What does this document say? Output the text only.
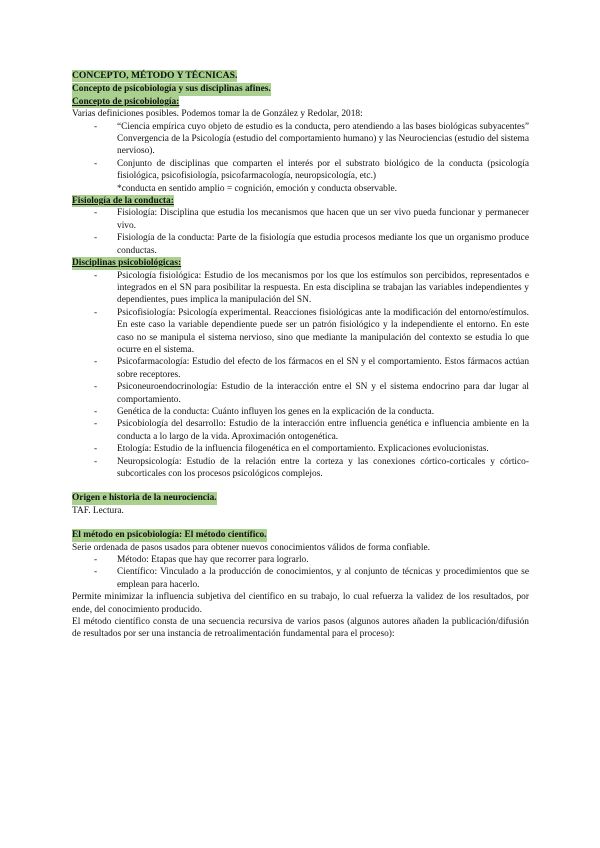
CONCEPTO, MÉTODO Y TÉCNICAS.
Concepto de psicobiología y sus disciplinas afines.
Concepto de psicobiología:

Varias definiciones posibles. Podemos tomar la de González y Redolar, 2018:

- “Ciencia empírica cuyo objeto de estudio es la conducta, pero atendiendo a las bases biológicas subyacentes” Convergencia de la Psicología (estudio del comportamiento humano) y las Neurociencias (estudio del sistema nervioso).
- Conjunto de disciplinas que comparten el interés por el substrato biológico de la conducta (psicología fisiológica, psicofisiología, psicofarmacología, neuropsicología, etc.)

*conducta en sentido amplio = cognición, emoción y conducta observable.

Fisiología de la conducta:
- Fisiología: Disciplina que estudia los mecanismos que hacen que un ser vivo pueda funcionar y permanecer vivo.
- Fisiología de la conducta: Parte de la fisiología que estudia procesos mediante los que un organismo produce conductas.
Disciplinas psicobiológicas:
- Psicología fisiológica: Estudio de los mecanismos por los que los estímulos son percibidos, representados e integrados en el SN para posibilitar la respuesta. En esta disciplina se trabajan las variables independientes y dependientes, pues implica la manipulación del SN.
- Psicofisiología: Psicología experimental. Reacciones fisiológicas ante la modificación del entorno/estímulos. En este caso la variable dependiente puede ser un patrón fisiológico y la independiente el entorno. En este caso no se manipula el sistema nervioso, sino que mediante la manipulación del contexto se estudia lo que ocurre en el sistema.
- Psicofarmacología: Estudio del efecto de los fármacos en el SN y el comportamiento. Estos fármacos actúan sobre receptores.
- Psiconeuroendocrinología: Estudio de la interacción entre el SN y el sistema endocrino para dar lugar al comportamiento.
- Genética de la conducta: Cuánto influyen los genes en la explicación de la conducta.
- Psicobiología del desarrollo: Estudio de la interacción entre influencia genética e influencia ambiente en la conducta a lo largo de la vida. Aproximación ontogenética.
- Etología: Estudio de la influencia filogenética en el comportamiento. Explicaciones evolucionistas.
- Neuropsicología: Estudio de la relación entre la corteza y las conexiones córtico-corticales y córtico-subcorticales con los procesos psicológicos complejos.
Origen e historia de la neurociencia.

TAF. Lectura.

El método en psicobiología: El método científico.

Serie ordenada de pasos usados para obtener nuevos conocimientos válidos de forma confiable.

- Método: Etapas que hay que recorrer para lograrlo.
- Científico: Vinculado a la producción de conocimientos, y al conjunto de técnicas y procedimientos que se emplean para hacerlo.

Permite minimizar la influencia subjetiva del científico en su trabajo, lo cual refuerza la validez de los resultados, por ende, del conocimiento producido.

El método científico consta de una secuencia recursiva de varios pasos (algunos autores añaden la publicación/difusión de resultados por ser una instancia de retroalimentación fundamental para el proceso):
